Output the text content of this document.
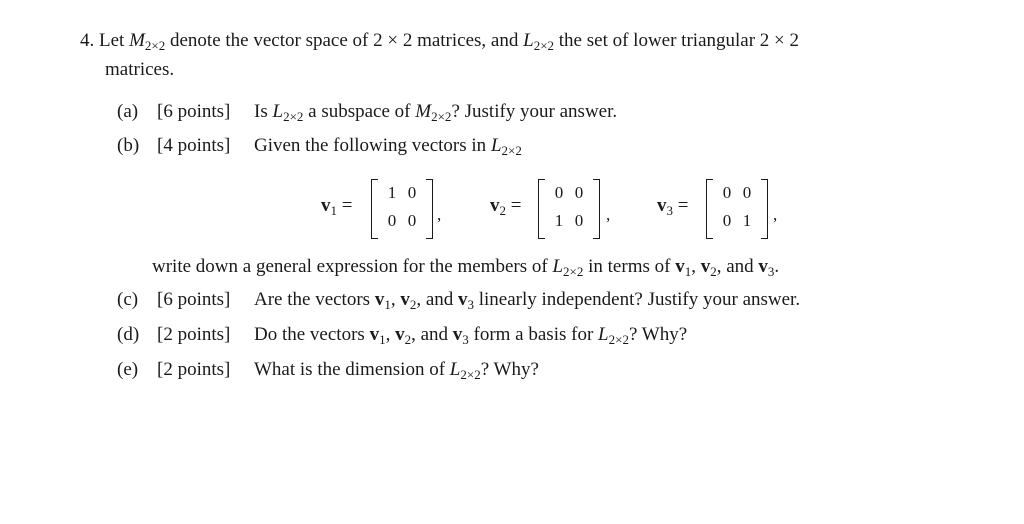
4. Let $M_{2\times 2}$ denote the vector space of 2 × 2 matrices, and $L_{2\times 2}$ the set of lower triangular 2 × 2
matrices.
(a) [6 points] Is $L_{2\times 2}$ a subspace of $M_{2\times 2}$? Justify your answer.
(b) [4 points] Given the following vectors in $L_{2\times 2}$
$v_1$ =
1 0
0 0 ,	$v_2$ =
0 0
1 0 , $v_3$ =
0 0
0 1 ,
write down a general expression for the members of $L_{2\times 2}$ in terms of $v_1$, $v_2$, and $v_3$.
(c) [6 points] Are the vectors $v_1$, $v_2$, and $v_3$ linearly independent? Justify your answer.
(d) [2 points] Do the vectors $v_1$, $v_2$, and $v_3$ form a basis for $L_{2\times 2}$? Why?
(e) [2 points] What is the dimension of $L_{2\times 2}$? Why?
